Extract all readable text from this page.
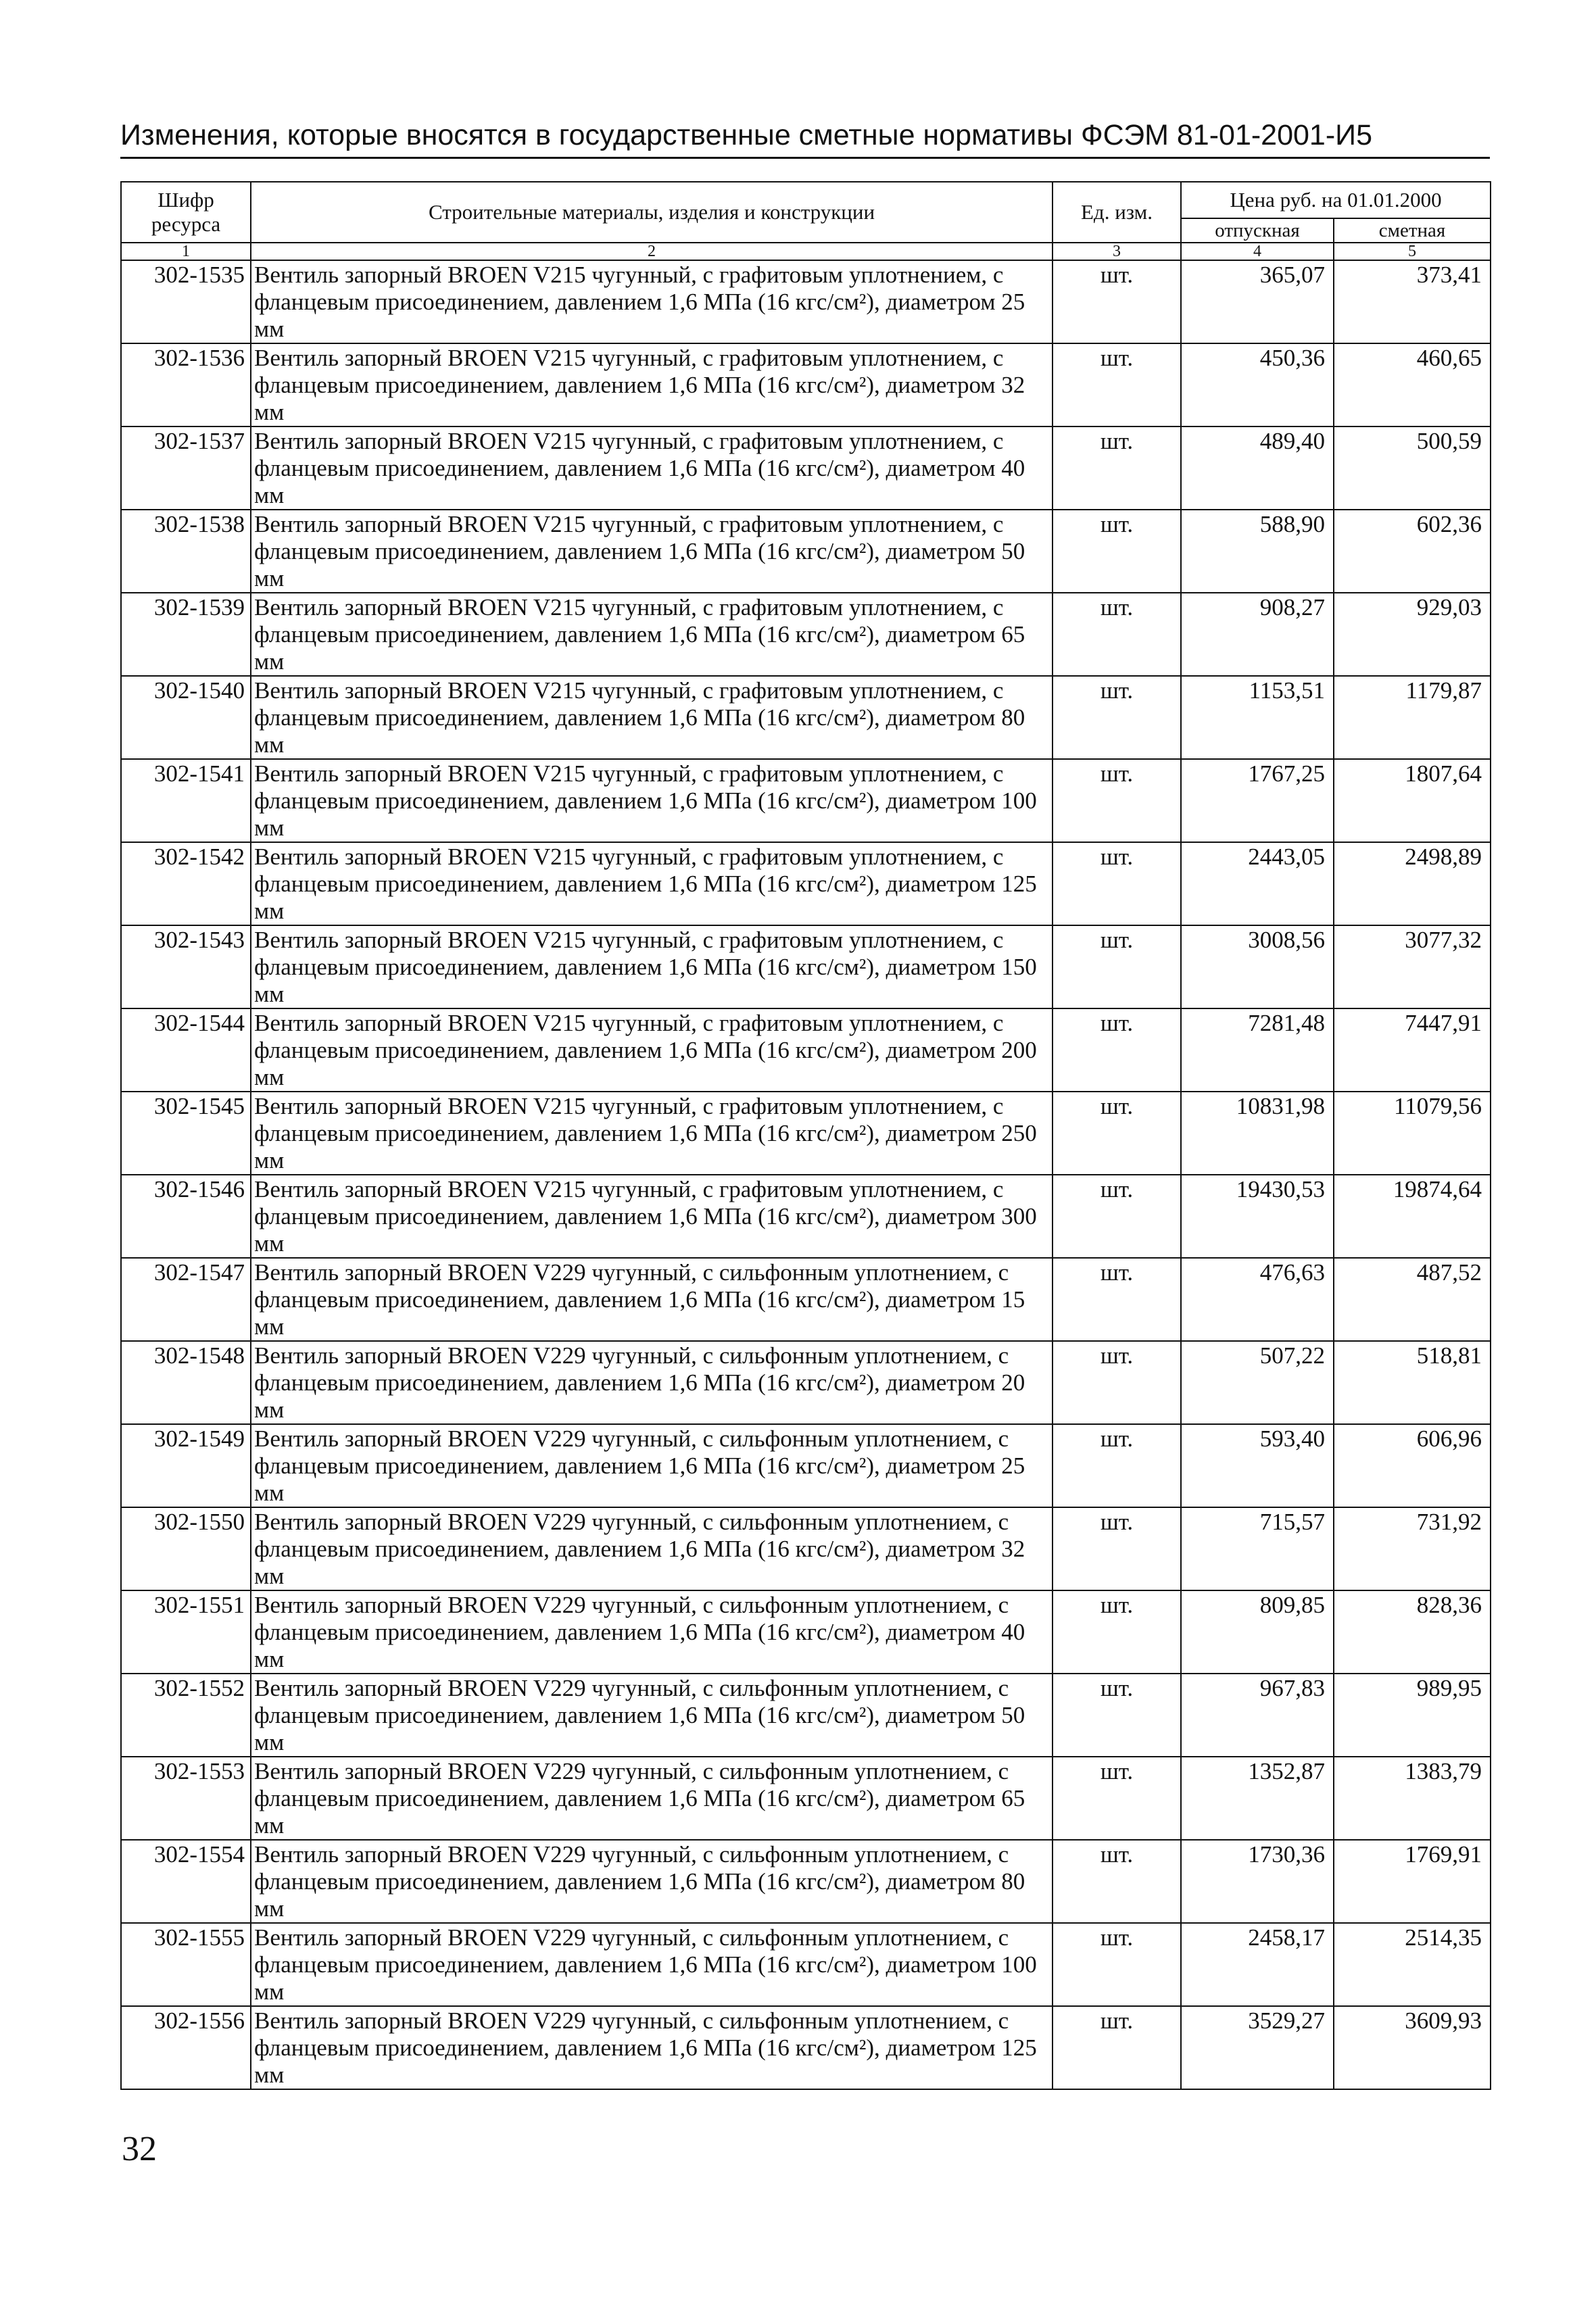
Изменения, которые вносятся в государственные сметные нормативы ФСЭМ 81-01-2001-И5
Шифр ресурса	Строительные материалы, изделия и конструкции	Ед. изм.	Цена руб. на 01.01.2000	
			отпускная	сметная
1	2	3	4	5
302-1535	Вентиль запорный BROEN V215 чугунный, с графитовым уплотнением, с фланцевым присоединением, давлением 1,6 МПа (16 кгс/см²), диаметром 25 мм	шт.	365,07	373,41
302-1536	Вентиль запорный BROEN V215 чугунный, с графитовым уплотнением, с фланцевым присоединением, давлением 1,6 МПа (16 кгс/см²), диаметром 32 мм	шт.	450,36	460,65
302-1537	Вентиль запорный BROEN V215 чугунный, с графитовым уплотнением, с фланцевым присоединением, давлением 1,6 МПа (16 кгс/см²), диаметром 40 мм	шт.	489,40	500,59
302-1538	Вентиль запорный BROEN V215 чугунный, с графитовым уплотнением, с фланцевым присоединением, давлением 1,6 МПа (16 кгс/см²), диаметром 50 мм	шт.	588,90	602,36
302-1539	Вентиль запорный BROEN V215 чугунный, с графитовым уплотнением, с фланцевым присоединением, давлением 1,6 МПа (16 кгс/см²), диаметром 65 мм	шт.	908,27	929,03
302-1540	Вентиль запорный BROEN V215 чугунный, с графитовым уплотнением, с фланцевым присоединением, давлением 1,6 МПа (16 кгс/см²), диаметром 80 мм	шт.	1153,51	1179,87
302-1541	Вентиль запорный BROEN V215 чугунный, с графитовым уплотнением, с фланцевым присоединением, давлением 1,6 МПа (16 кгс/см²), диаметром 100 мм	шт.	1767,25	1807,64
302-1542	Вентиль запорный BROEN V215 чугунный, с графитовым уплотнением, с фланцевым присоединением, давлением 1,6 МПа (16 кгс/см²), диаметром 125 мм	шт.	2443,05	2498,89
302-1543	Вентиль запорный BROEN V215 чугунный, с графитовым уплотнением, с фланцевым присоединением, давлением 1,6 МПа (16 кгс/см²), диаметром 150 мм	шт.	3008,56	3077,32
302-1544	Вентиль запорный BROEN V215 чугунный, с графитовым уплотнением, с фланцевым присоединением, давлением 1,6 МПа (16 кгс/см²), диаметром 200 мм	шт.	7281,48	7447,91
302-1545	Вентиль запорный BROEN V215 чугунный, с графитовым уплотнением, с фланцевым присоединением, давлением 1,6 МПа (16 кгс/см²), диаметром 250 мм	шт.	10831,98	11079,56
302-1546	Вентиль запорный BROEN V215 чугунный, с графитовым уплотнением, с фланцевым присоединением, давлением 1,6 МПа (16 кгс/см²), диаметром 300 мм	шт.	19430,53	19874,64
302-1547	Вентиль запорный BROEN V229 чугунный, с сильфонным уплотнением, с фланцевым присоединением, давлением 1,6 МПа (16 кгс/см²), диаметром 15 мм	шт.	476,63	487,52
302-1548	Вентиль запорный BROEN V229 чугунный, с сильфонным уплотнением, с фланцевым присоединением, давлением 1,6 МПа (16 кгс/см²), диаметром 20 мм	шт.	507,22	518,81
302-1549	Вентиль запорный BROEN V229 чугунный, с сильфонным уплотнением, с фланцевым присоединением, давлением 1,6 МПа (16 кгс/см²), диаметром 25 мм	шт.	593,40	606,96
302-1550	Вентиль запорный BROEN V229 чугунный, с сильфонным уплотнением, с фланцевым присоединением, давлением 1,6 МПа (16 кгс/см²), диаметром 32 мм	шт.	715,57	731,92
302-1551	Вентиль запорный BROEN V229 чугунный, с сильфонным уплотнением, с фланцевым присоединением, давлением 1,6 МПа (16 кгс/см²), диаметром 40 мм	шт.	809,85	828,36
302-1552	Вентиль запорный BROEN V229 чугунный, с сильфонным уплотнением, с фланцевым присоединением, давлением 1,6 МПа (16 кгс/см²), диаметром 50 мм	шт.	967,83	989,95
302-1553	Вентиль запорный BROEN V229 чугунный, с сильфонным уплотнением, с фланцевым присоединением, давлением 1,6 МПа (16 кгс/см²), диаметром 65 мм	шт.	1352,87	1383,79
302-1554	Вентиль запорный BROEN V229 чугунный, с сильфонным уплотнением, с фланцевым присоединением, давлением 1,6 МПа (16 кгс/см²), диаметром 80 мм	шт.	1730,36	1769,91
302-1555	Вентиль запорный BROEN V229 чугунный, с сильфонным уплотнением, с фланцевым присоединением, давлением 1,6 МПа (16 кгс/см²), диаметром 100 мм	шт.	2458,17	2514,35
302-1556	Вентиль запорный BROEN V229 чугунный, с сильфонным уплотнением, с фланцевым присоединением, давлением 1,6 МПа (16 кгс/см²), диаметром 125 мм	шт.	3529,27	3609,93
32
